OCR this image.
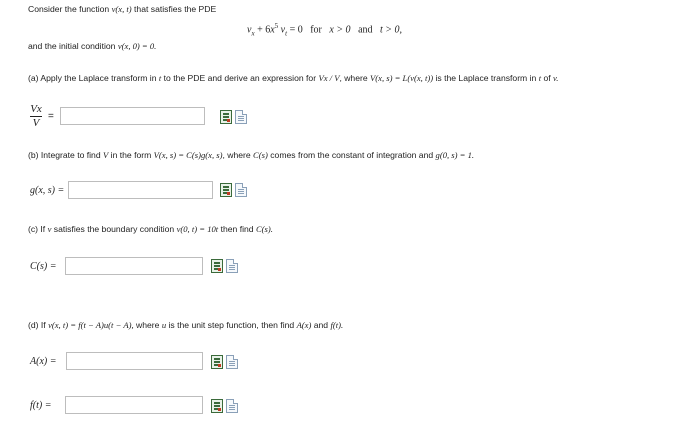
Consider the function v(x, t) that satisfies the PDE
$v_x + 6x^5$ $v_t = 0$ for x > 0 and t > 0,
and the initial condition v(x, 0) = 0.
(a) Apply the Laplace transform in t to the PDE and derive an expression for Vx / V, where V(x, s) = L(v(x, t)) is the Laplace transform in t of v.
Vx
V
=
(b) Integrate to find V in the form V(x, s) = C(s)g(x, s), where C(s) comes from the constant of integration and g(0, s) = 1.
g(x, s) =
(c) If v satisfies the boundary condition v(0, t) = 10t then find C(s).
C(s) =
(d) If v(x, t) = f(t − A)u(t − A), where u is the unit step function, then find A(x) and f(t).
A(x) =
f(t) =
